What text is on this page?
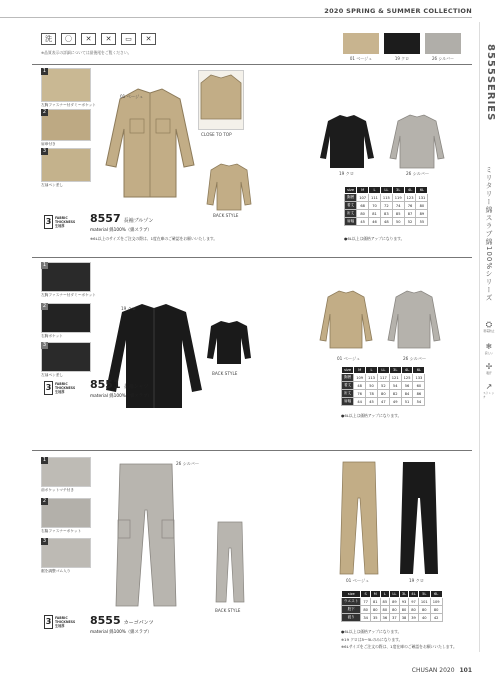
2020 SPRING & SUMMER COLLECTION
8555SERIES
ミリタリー綿スラブ綿100%シリーズ
洗	〇	✕	✕	▭	✕
※品質表示の詳細については最後尾をご覧ください。
01 ベージュ	19 クロ	26 シルバー
1
左胸ファスナー付ダミーポケット
2
肩章付き
3
左袖ペン差し
01 ベージュ
CLOSE TO TOP
BACK STYLE
19 クロ	26 シルバー
3	FABRIC
THICKNESS
生地厚
8557 長袖ブルゾン
material 綿100%（綿スラブ）
※6L以上のサイズをご注文の際は、1度在庫のご確認をお願いいたします。
size	M	L	LL	3L	4L	6L
胸囲	107	111	115	119	123	131
着丈	68	70	72	74	76	80
裄丈	80	81	83	85	87	89
肩幅	45	46	48	50	52	55
●6L以上は価格アップになります。
1
左胸ファスナー付ダミーポケット
2
右胸ポケット
3
左袖ペン差し
19 クロ
BACK STYLE
01 ベージュ	26 シルバー
3	FABRIC
THICKNESS
生地厚
8551 長袖シャツ
material 綿100%（綿スラブ）
size	M	L	LL	3L	4L	6L
胸囲	109	113	117	121	125	133
着丈	48	50	52	54	56	60
裄丈	76	78	80	82	84	86
肩幅	44	45	47	49	51	54
●6L以上は価格アップになります。
1
前ポケットマチ付き
2
右脇ファスナーポケット
3
裾を調整ゴム入り
26 シルバー
BACK STYLE
01 ベージュ	19 クロ
3	FABRIC
THICKNESS
生地厚	8555 カーゴパンツ
material 綿100%（綿スラブ）
size	S	M	L	LL	3L	4L	5L	6L
ウエスト	77	81	85	89	93	97	101	109
股下	80	80	80	80	80	80	80	80
渡り	34	35	36	37	38	39	40	42
●6L以上は価格アップになります。
※19 クロは5〜5Lのみになります。
※6Lサイズをご注文の際は、1度在庫のご確認をお願いいたします。
⛭
帯電防止
❄
涼しい
✢
吸汗
↗
ストレッチ
CHUSAN 2020 101
